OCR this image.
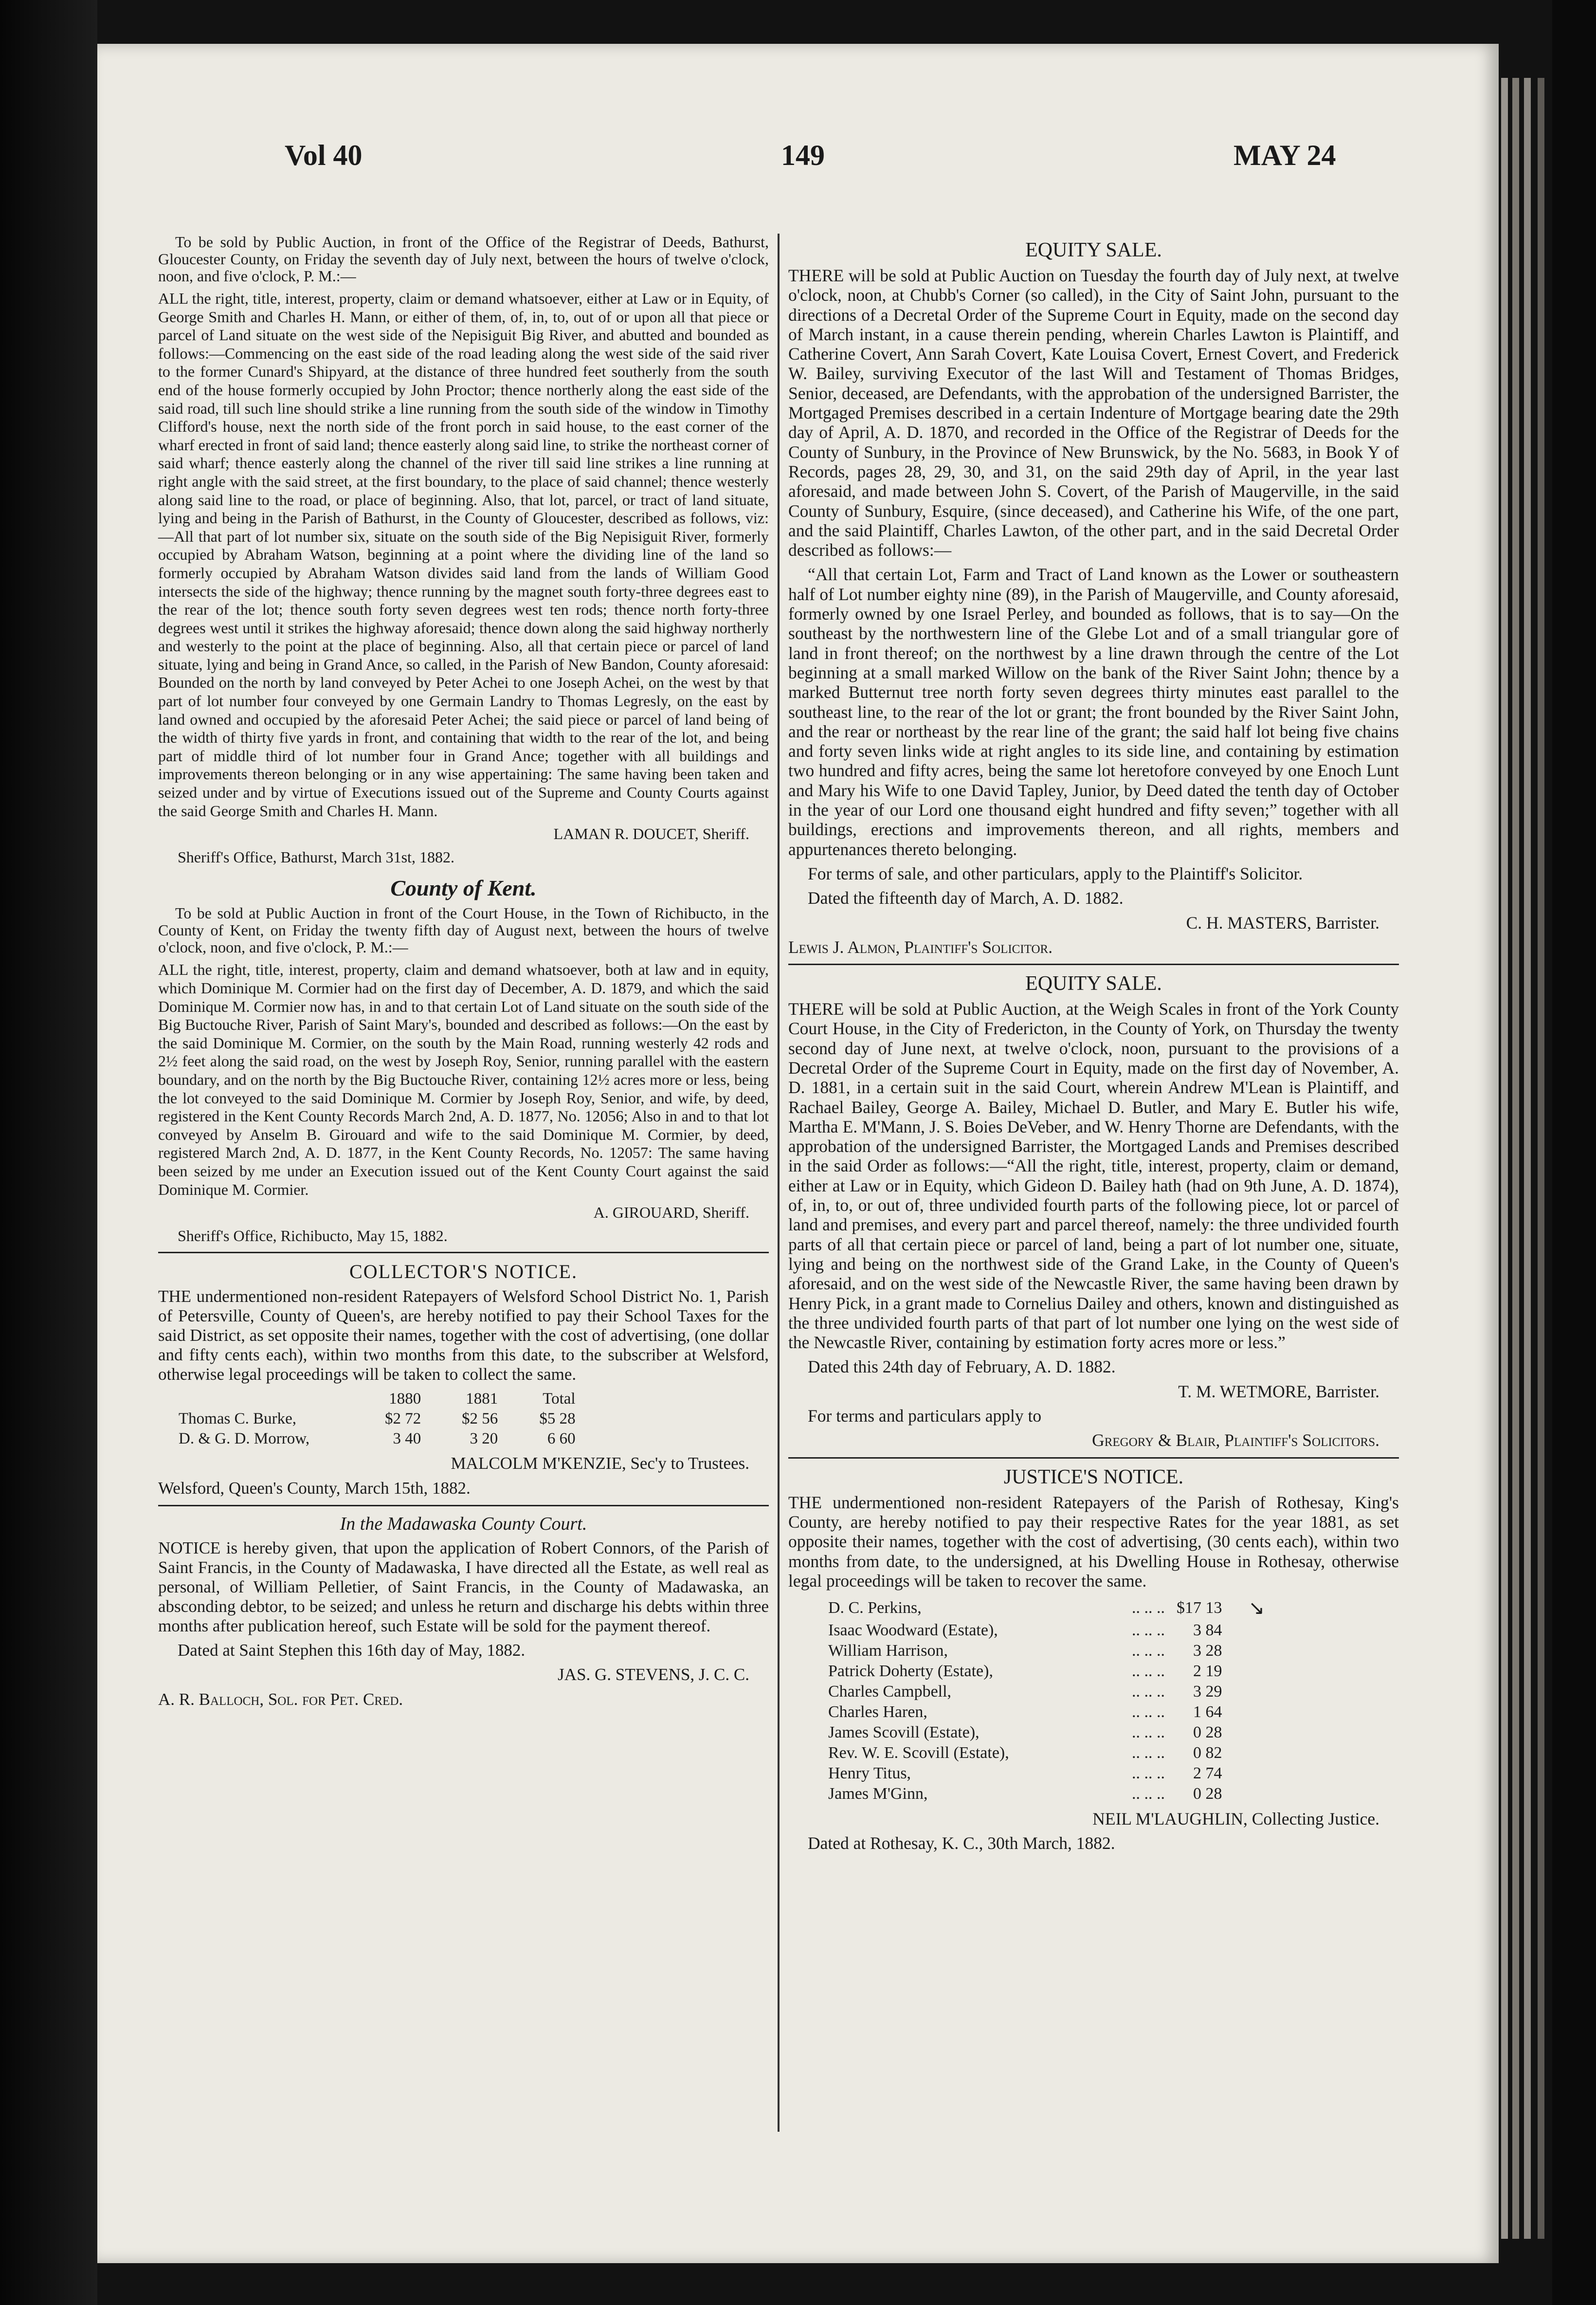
Vol 40	149	MAY 24

To be sold by Public Auction, in front of the Office of the Registrar of Deeds, Bathurst, Gloucester County, on Friday the seventh day of July next, between the hours of twelve o'clock, noon, and five o'clock, P. M.:—

ALL the right, title, interest, property, claim or demand whatsoever, either at Law or in Equity, of George Smith and Charles H. Mann, or either of them, of, in, to, out of or upon all that piece or parcel of Land situate on the west side of the Nepisiguit Big River, and abutted and bounded as follows:—Commencing on the east side of the road leading along the west side of the said river to the former Cunard's Shipyard, at the distance of three hundred feet southerly from the south end of the house formerly occupied by John Proctor; thence northerly along the east side of the said road, till such line should strike a line running from the south side of the window in Timothy Clifford's house, next the north side of the front porch in said house, to the east corner of the wharf erected in front of said land; thence easterly along said line, to strike the northeast corner of said wharf; thence easterly along the channel of the river till said line strikes a line running at right angle with the said street, at the first boundary, to the place of said channel; thence westerly along said line to the road, or place of beginning. Also, that lot, parcel, or tract of land situate, lying and being in the Parish of Bathurst, in the County of Gloucester, described as follows, viz:—All that part of lot number six, situate on the south side of the Big Nepisiguit River, formerly occupied by Abraham Watson, beginning at a point where the dividing line of the land so formerly occupied by Abraham Watson divides said land from the lands of William Good intersects the side of the highway; thence running by the magnet south forty-three degrees east to the rear of the lot; thence south forty seven degrees west ten rods; thence north forty-three degrees west until it strikes the highway aforesaid; thence down along the said highway northerly and westerly to the point at the place of beginning. Also, all that certain piece or parcel of land situate, lying and being in Grand Ance, so called, in the Parish of New Bandon, County aforesaid: Bounded on the north by land conveyed by Peter Achei to one Joseph Achei, on the west by that part of lot number four conveyed by one Germain Landry to Thomas Legresly, on the east by land owned and occupied by the aforesaid Peter Achei; the said piece or parcel of land being of the width of thirty five yards in front, and containing that width to the rear of the lot, and being part of middle third of lot number four in Grand Ance; together with all buildings and improvements thereon belonging or in any wise appertaining: The same having been taken and seized under and by virtue of Executions issued out of the Supreme and County Courts against the said George Smith and Charles H. Mann.

LAMAN R. DOUCET, Sheriff.

Sheriff's Office, Bathurst, March 31st, 1882.

County of Kent.

To be sold at Public Auction in front of the Court House, in the Town of Richibucto, in the County of Kent, on Friday the twenty fifth day of August next, between the hours of twelve o'clock, noon, and five o'clock, P. M.:—

ALL the right, title, interest, property, claim and demand whatsoever, both at law and in equity, which Dominique M. Cormier had on the first day of December, A. D. 1879, and which the said Dominique M. Cormier now has, in and to that certain Lot of Land situate on the south side of the Big Buctouche River, Parish of Saint Mary's, bounded and described as follows:—On the east by the said Dominique M. Cormier, on the south by the Main Road, running westerly 42 rods and 2½ feet along the said road, on the west by Joseph Roy, Senior, running parallel with the eastern boundary, and on the north by the Big Buctouche River, containing 12½ acres more or less, being the lot conveyed to the said Dominique M. Cormier by Joseph Roy, Senior, and wife, by deed, registered in the Kent County Records March 2nd, A. D. 1877, No. 12056; Also in and to that lot conveyed by Anselm B. Girouard and wife to the said Dominique M. Cormier, by deed, registered March 2nd, A. D. 1877, in the Kent County Records, No. 12057: The same having been seized by me under an Execution issued out of the Kent County Court against the said Dominique M. Cormier.

A. GIROUARD, Sheriff.

Sheriff's Office, Richibucto, May 15, 1882.

COLLECTOR'S NOTICE.

THE undermentioned non-resident Ratepayers of Welsford School District No. 1, Parish of Petersville, County of Queen's, are hereby notified to pay their School Taxes for the said District, as set opposite their names, together with the cost of advertising, (one dollar and fifty cents each), within two months from this date, to the subscriber at Welsford, otherwise legal proceedings will be taken to collect the same.

	1880	1881	Total
Thomas C. Burke,	$2 72	$2 56	$5 28
D. & G. D. Morrow,	3 40	3 20	6 60

MALCOLM M'KENZIE, Sec'y to Trustees.

Welsford, Queen's County, March 15th, 1882.

In the Madawaska County Court.

NOTICE is hereby given, that upon the application of Robert Connors, of the Parish of Saint Francis, in the County of Madawaska, I have directed all the Estate, as well real as personal, of William Pelletier, of Saint Francis, in the County of Madawaska, an absconding debtor, to be seized; and unless he return and discharge his debts within three months after publication hereof, such Estate will be sold for the payment thereof.

Dated at Saint Stephen this 16th day of May, 1882.

JAS. G. STEVENS, J. C. C.

A. R. Balloch, Sol. for Pet. Cred.

EQUITY SALE.

THERE will be sold at Public Auction on Tuesday the fourth day of July next, at twelve o'clock, noon, at Chubb's Corner (so called), in the City of Saint John, pursuant to the directions of a Decretal Order of the Supreme Court in Equity, made on the second day of March instant, in a cause therein pending, wherein Charles Lawton is Plaintiff, and Catherine Covert, Ann Sarah Covert, Kate Louisa Covert, Ernest Covert, and Frederick W. Bailey, surviving Executor of the last Will and Testament of Thomas Bridges, Senior, deceased, are Defendants, with the approbation of the undersigned Barrister, the Mortgaged Premises described in a certain Indenture of Mortgage bearing date the 29th day of April, A. D. 1870, and recorded in the Office of the Registrar of Deeds for the County of Sunbury, in the Province of New Brunswick, by the No. 5683, in Book Y of Records, pages 28, 29, 30, and 31, on the said 29th day of April, in the year last aforesaid, and made between John S. Covert, of the Parish of Maugerville, in the said County of Sunbury, Esquire, (since deceased), and Catherine his Wife, of the one part, and the said Plaintiff, Charles Lawton, of the other part, and in the said Decretal Order described as follows:—

“All that certain Lot, Farm and Tract of Land known as the Lower or southeastern half of Lot number eighty nine (89), in the Parish of Maugerville, and County aforesaid, formerly owned by one Israel Perley, and bounded as follows, that is to say—On the southeast by the northwestern line of the Glebe Lot and of a small triangular gore of land in front thereof; on the northwest by a line drawn through the centre of the Lot beginning at a small marked Willow on the bank of the River Saint John; thence by a marked Butternut tree north forty seven degrees thirty minutes east parallel to the southeast line, to the rear of the lot or grant; the front bounded by the River Saint John, and the rear or northeast by the rear line of the grant; the said half lot being five chains and forty seven links wide at right angles to its side line, and containing by estimation two hundred and fifty acres, being the same lot heretofore conveyed by one Enoch Lunt and Mary his Wife to one David Tapley, Junior, by Deed dated the tenth day of October in the year of our Lord one thousand eight hundred and fifty seven;” together with all buildings, erections and improvements thereon, and all rights, members and appurtenances thereto belonging.

For terms of sale, and other particulars, apply to the Plaintiff's Solicitor.

Dated the fifteenth day of March, A. D. 1882.

C. H. MASTERS, Barrister.

Lewis J. Almon, Plaintiff's Solicitor.

EQUITY SALE.

THERE will be sold at Public Auction, at the Weigh Scales in front of the York County Court House, in the City of Fredericton, in the County of York, on Thursday the twenty second day of June next, at twelve o'clock, noon, pursuant to the provisions of a Decretal Order of the Supreme Court in Equity, made on the first day of November, A. D. 1881, in a certain suit in the said Court, wherein Andrew M'Lean is Plaintiff, and Rachael Bailey, George A. Bailey, Michael D. Butler, and Mary E. Butler his wife, Martha E. M'Mann, J. S. Boies DeVeber, and W. Henry Thorne are Defendants, with the approbation of the undersigned Barrister, the Mortgaged Lands and Premises described in the said Order as follows:—“All the right, title, interest, property, claim or demand, either at Law or in Equity, which Gideon D. Bailey hath (had on 9th June, A. D. 1874), of, in, to, or out of, three undivided fourth parts of the following piece, lot or parcel of land and premises, and every part and parcel thereof, namely: the three undivided fourth parts of all that certain piece or parcel of land, being a part of lot number one, situate, lying and being on the northwest side of the Grand Lake, in the County of Queen's aforesaid, and on the west side of the Newcastle River, the same having been drawn by Henry Pick, in a grant made to Cornelius Dailey and others, known and distinguished as the three undivided fourth parts of that part of lot number one lying on the west side of the Newcastle River, containing by estimation forty acres more or less.”

Dated this 24th day of February, A. D. 1882.

T. M. WETMORE, Barrister.

For terms and particulars apply to

Gregory & Blair, Plaintiff's Solicitors.

JUSTICE'S NOTICE.

THE undermentioned non-resident Ratepayers of the Parish of Rothesay, King's County, are hereby notified to pay their respective Rates for the year 1881, as set opposite their names, together with the cost of advertising, (30 cents each), within two months from date, to the undersigned, at his Dwelling House in Rothesay, otherwise legal proceedings will be taken to recover the same.

D. C. Perkins,	.. .. ..	$17 13	↘
Isaac Woodward (Estate),	.. .. ..	3 84	
William Harrison,	.. .. ..	3 28	
Patrick Doherty (Estate),	.. .. ..	2 19	
Charles Campbell,	.. .. ..	3 29	
Charles Haren,	.. .. ..	1 64	
James Scovill (Estate),	.. .. ..	0 28	
Rev. W. E. Scovill (Estate),	.. .. ..	0 82	
Henry Titus,	.. .. ..	2 74	
James M'Ginn,	.. .. ..	0 28	

NEIL M'LAUGHLIN, Collecting Justice.

Dated at Rothesay, K. C., 30th March, 1882.
